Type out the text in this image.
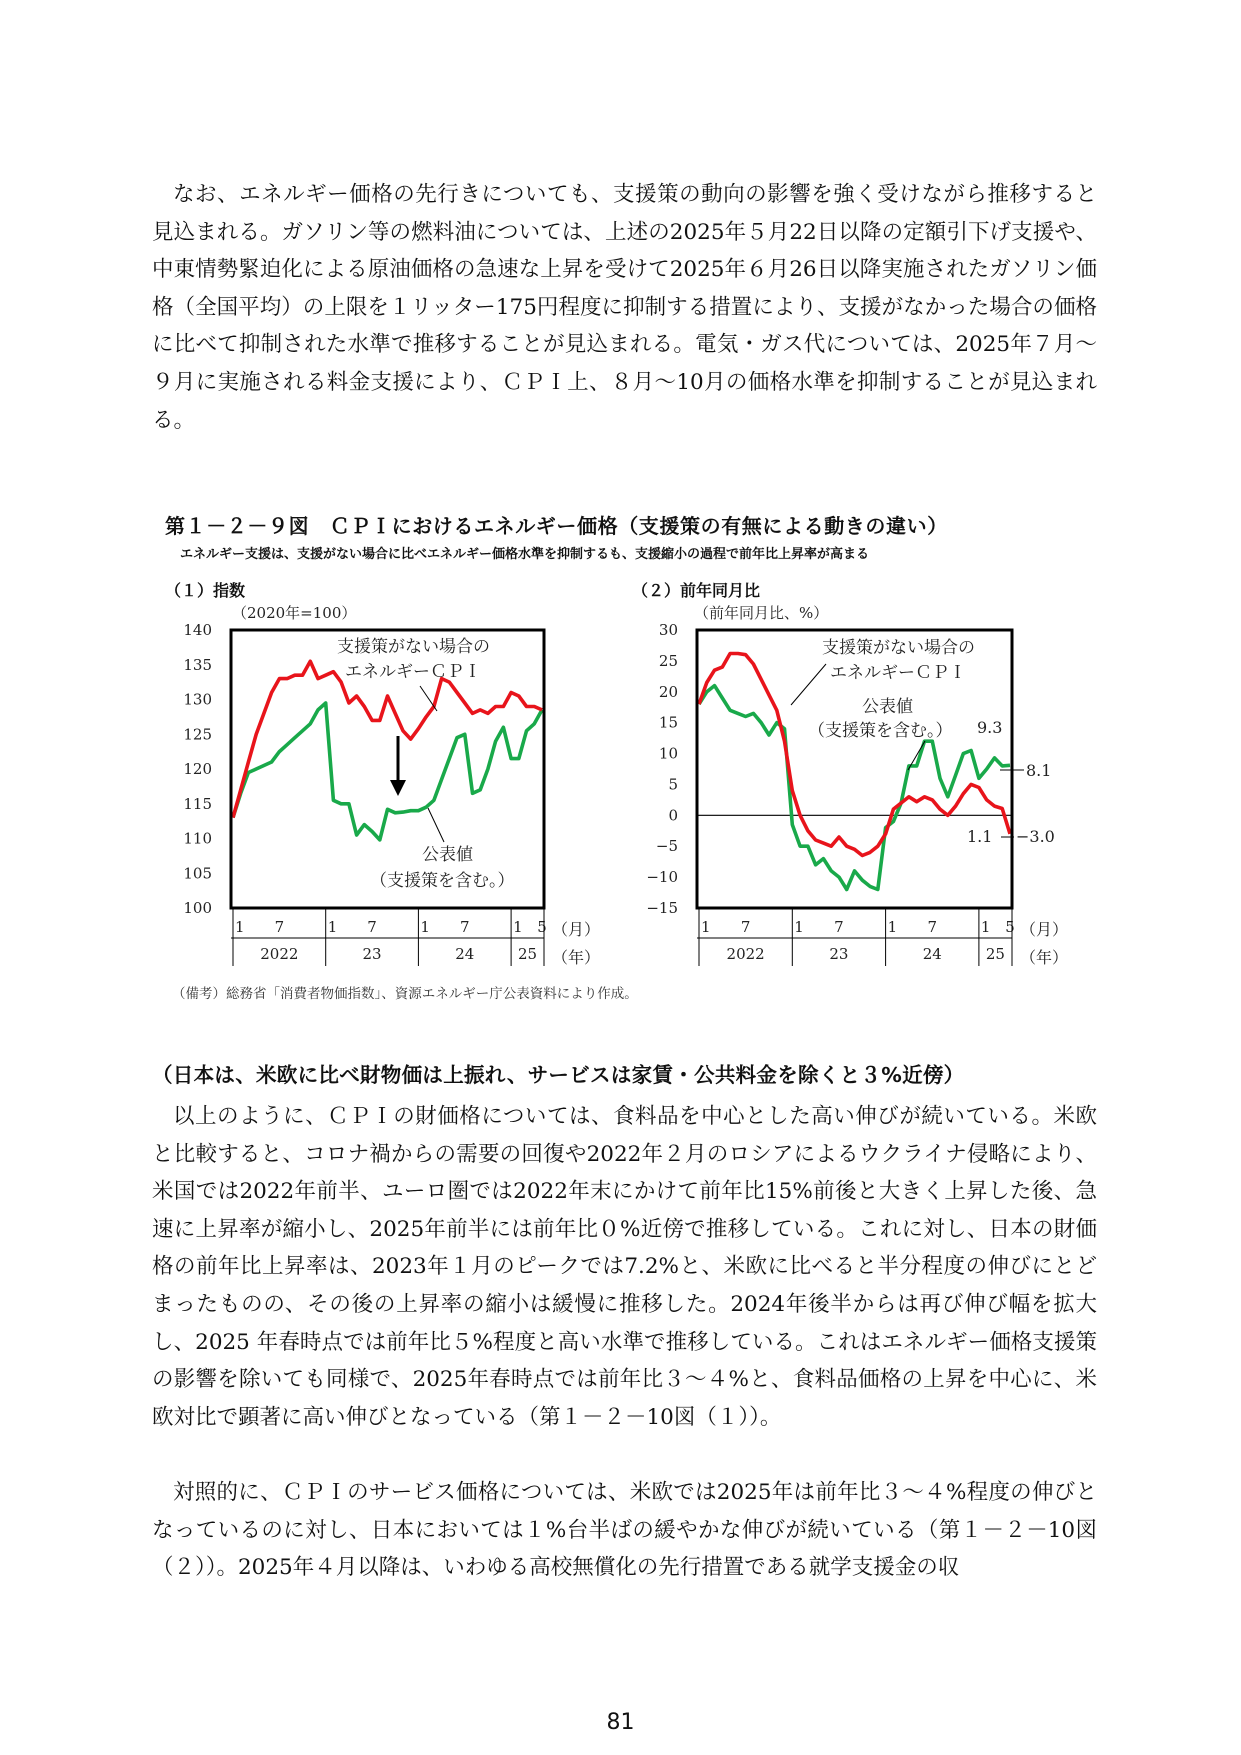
なお、エネルギー価格の先行きについても、支援策の動向の影響を強く受けながら推移すると見込まれる。ガソリン等の燃料油については、上述の2025年５月22日以降の定額引下げ支援や、中東情勢緊迫化による原油価格の急速な上昇を受けて2025年６月26日以降実施されたガソリン価格（全国平均）の上限を１リッター175円程度に抑制する措置により、支援がなかった場合の価格に比べて抑制された水準で推移することが見込まれる。電気・ガス代については、2025年７月～９月に実施される料金支援により、ＣＰＩ上、８月～10月の価格水準を抑制することが見込まれる。

第１－２－９図　ＣＰＩにおけるエネルギー価格（支援策の有無による動きの違い）
エネルギー支援は、支援がない場合に比べエネルギー価格水準を抑制するも、支援縮小の過程で前年比上昇率が高まる
（１）指数	（２）前年同月比
（2020年=100）
100
105
110
115
120
125
130
135
140
1 7	1 7	1 7	1 5
2022	23	24	25
支援策がない場合の
エネルギーＣＰＩ
公表値
（支援策を含む。）
（月）
（年）
（前年同月比、%）
−15
−10
−5
0
5
10
15
20
25
30
1 7	1 7	1 7	1 5
2022	23	24	25
支援策がない場合の
エネルギーＣＰＩ
公表値
（支援策を含む。） 9.3
8.1
1.1 −3.0
（月）
（年）
（備考）総務省「消費者物価指数」、資源エネルギー庁公表資料により作成。
（日本は、米欧に比べ財物価は上振れ、サービスは家賃・公共料金を除くと３%近傍）

以上のように、ＣＰＩの財価格については、食料品を中心とした高い伸びが続いている。米欧と比較すると、コロナ禍からの需要の回復や2022年２月のロシアによるウクライナ侵略により、米国では2022年前半、ユーロ圏では2022年末にかけて前年比15%前後と大きく上昇した後、急速に上昇率が縮小し、2025年前半には前年比０%近傍で推移している。これに対し、日本の財価格の前年比上昇率は、2023年１月のピークでは7.2%と、米欧に比べると半分程度の伸びにとどまったものの、その後の上昇率の縮小は緩慢に推移した。2024年後半からは再び伸び幅を拡大し、2025 年春時点では前年比５%程度と高い水準で推移している。これはエネルギー価格支援策の影響を除いても同様で、2025年春時点では前年比３～４%と、食料品価格の上昇を中心に、米欧対比で顕著に高い伸びとなっている（第１－２－10図（１））。

対照的に、ＣＰＩのサービス価格については、米欧では2025年は前年比３～４%程度の伸びとなっているのに対し、日本においては１%台半ばの緩やかな伸びが続いている（第１－２－10図（２））。2025年４月以降は、いわゆる高校無償化の先行措置である就学支援金の収

81
